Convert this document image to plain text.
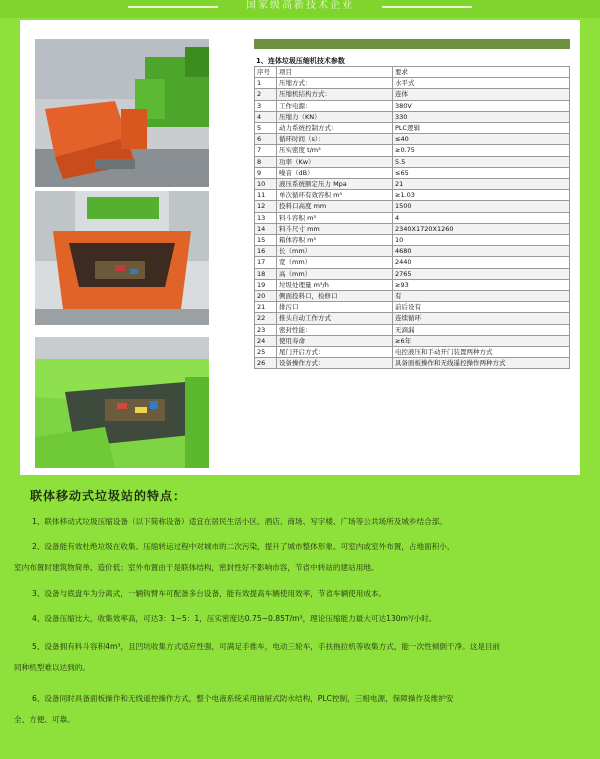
国家级高新技术企业
1、连体垃圾压缩机技术参数
序号	项目	要求
1	压缩方式：	水平式
2	压缩机结构方式：	连体
3	工作电源：	380V
4	压缩力（KN）	330
5	动力系统控制方式：	PLC逻辑
6	循环时间（s）：	≤40
7	压实密度 t/m³	≥0.75
8	功率（Kw）	5.5
9	噪音（dB）	≤65
10	液压系统额定压力 Mpa	21
11	单次循环有效容积 m³	≥1.03
12	投料口高度 mm	1500
13	料斗容积 m³	4
14	料斗尺寸 mm	2340X1720X1260
15	箱体容积 m³	10
16	长（mm）	4680
17	宽（mm）	2440
18	高（mm）	2765
19	垃圾处理量 m³/h	≥93
20	侧面投料口，检修口	有
21	排污口	前后设有
22	推头自动工作方式	连续循环
23	密封性能：	无滴漏
24	使用寿命	≥6年
25	尾门开启方式：	电控液压和手动开门装置两种方式
26	设备操作方式：	具备面板操作和无线遥控操作两种方式
联体移动式垃圾站的特点：
1、联体移动式垃圾压缩设备（以下简称设备）适宜在居民生活小区、酒店、商场、写字楼、广场等公共场所及城乡结合部。
2、设备能有效杜绝垃圾在收集、压缩转运过程中对城市的二次污染，提升了城市整体形象。可室内或室外布置，占地面积小，
室内布置时建筑物简单、造价低；室外布置由于是联体结构，密封性好不影响市容，节省中转站的建站用地。
3、设备与底盘车为分离式，一辆钩臂车可配备多台设备，能有效提高车辆使用效率，节省车辆使用成本。
4、设备压缩比大，收集效率高，可达3：1~5：1，压实密度达0.75~0.85T/m³，理论压缩能力最大可达130m³/小时。
5、设备拥有料斗容积4m³，且凹坑收集方式适应性强，可满足手推车，电动三轮车，手扶拖拉机等收集方式，能一次性倾倒干净。这是目前
同种机型难以达到的。
6、设备同时具备面板操作和无线遥控操作方式，整个电液系统采用抽屉式防水结构，PLC控制，三相电源，保障操作及维护安
全、方便、可靠。
